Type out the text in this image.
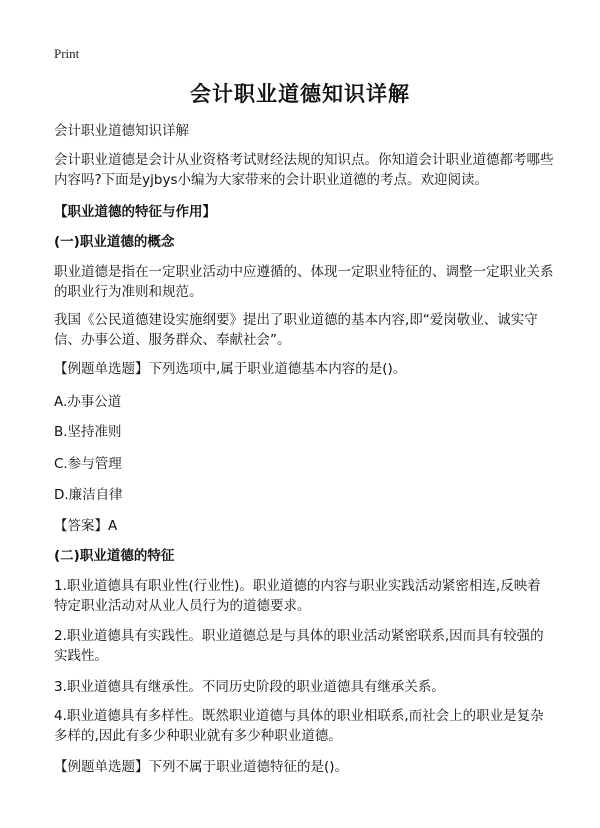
Print
会计职业道德知识详解
会计职业道德知识详解
会计职业道德是会计从业资格考试财经法规的知识点。你知道会计职业道德都考哪些内容吗?下面是yjbys小编为大家带来的会计职业道德的考点。欢迎阅读。
【职业道德的特征与作用】
(一)职业道德的概念
职业道德是指在一定职业活动中应遵循的、体现一定职业特征的、调整一定职业关系的职业行为准则和规范。
我国《公民道德建设实施纲要》提出了职业道德的基本内容,即“爱岗敬业、诚实守信、办事公道、服务群众、奉献社会”。
【例题单选题】下列选项中,属于职业道德基本内容的是()。
A.办事公道
B.坚持准则
C.参与管理
D.廉洁自律
【答案】A
(二)职业道德的特征
1.职业道德具有职业性(行业性)。职业道德的内容与职业实践活动紧密相连,反映着特定职业活动对从业人员行为的道德要求。
2.职业道德具有实践性。职业道德总是与具体的职业活动紧密联系,因而具有较强的实践性。
3.职业道德具有继承性。不同历史阶段的职业道德具有继承关系。
4.职业道德具有多样性。既然职业道德与具体的职业相联系,而社会上的职业是复杂多样的,因此有多少种职业就有多少种职业道德。
【例题单选题】下列不属于职业道德特征的是()。
